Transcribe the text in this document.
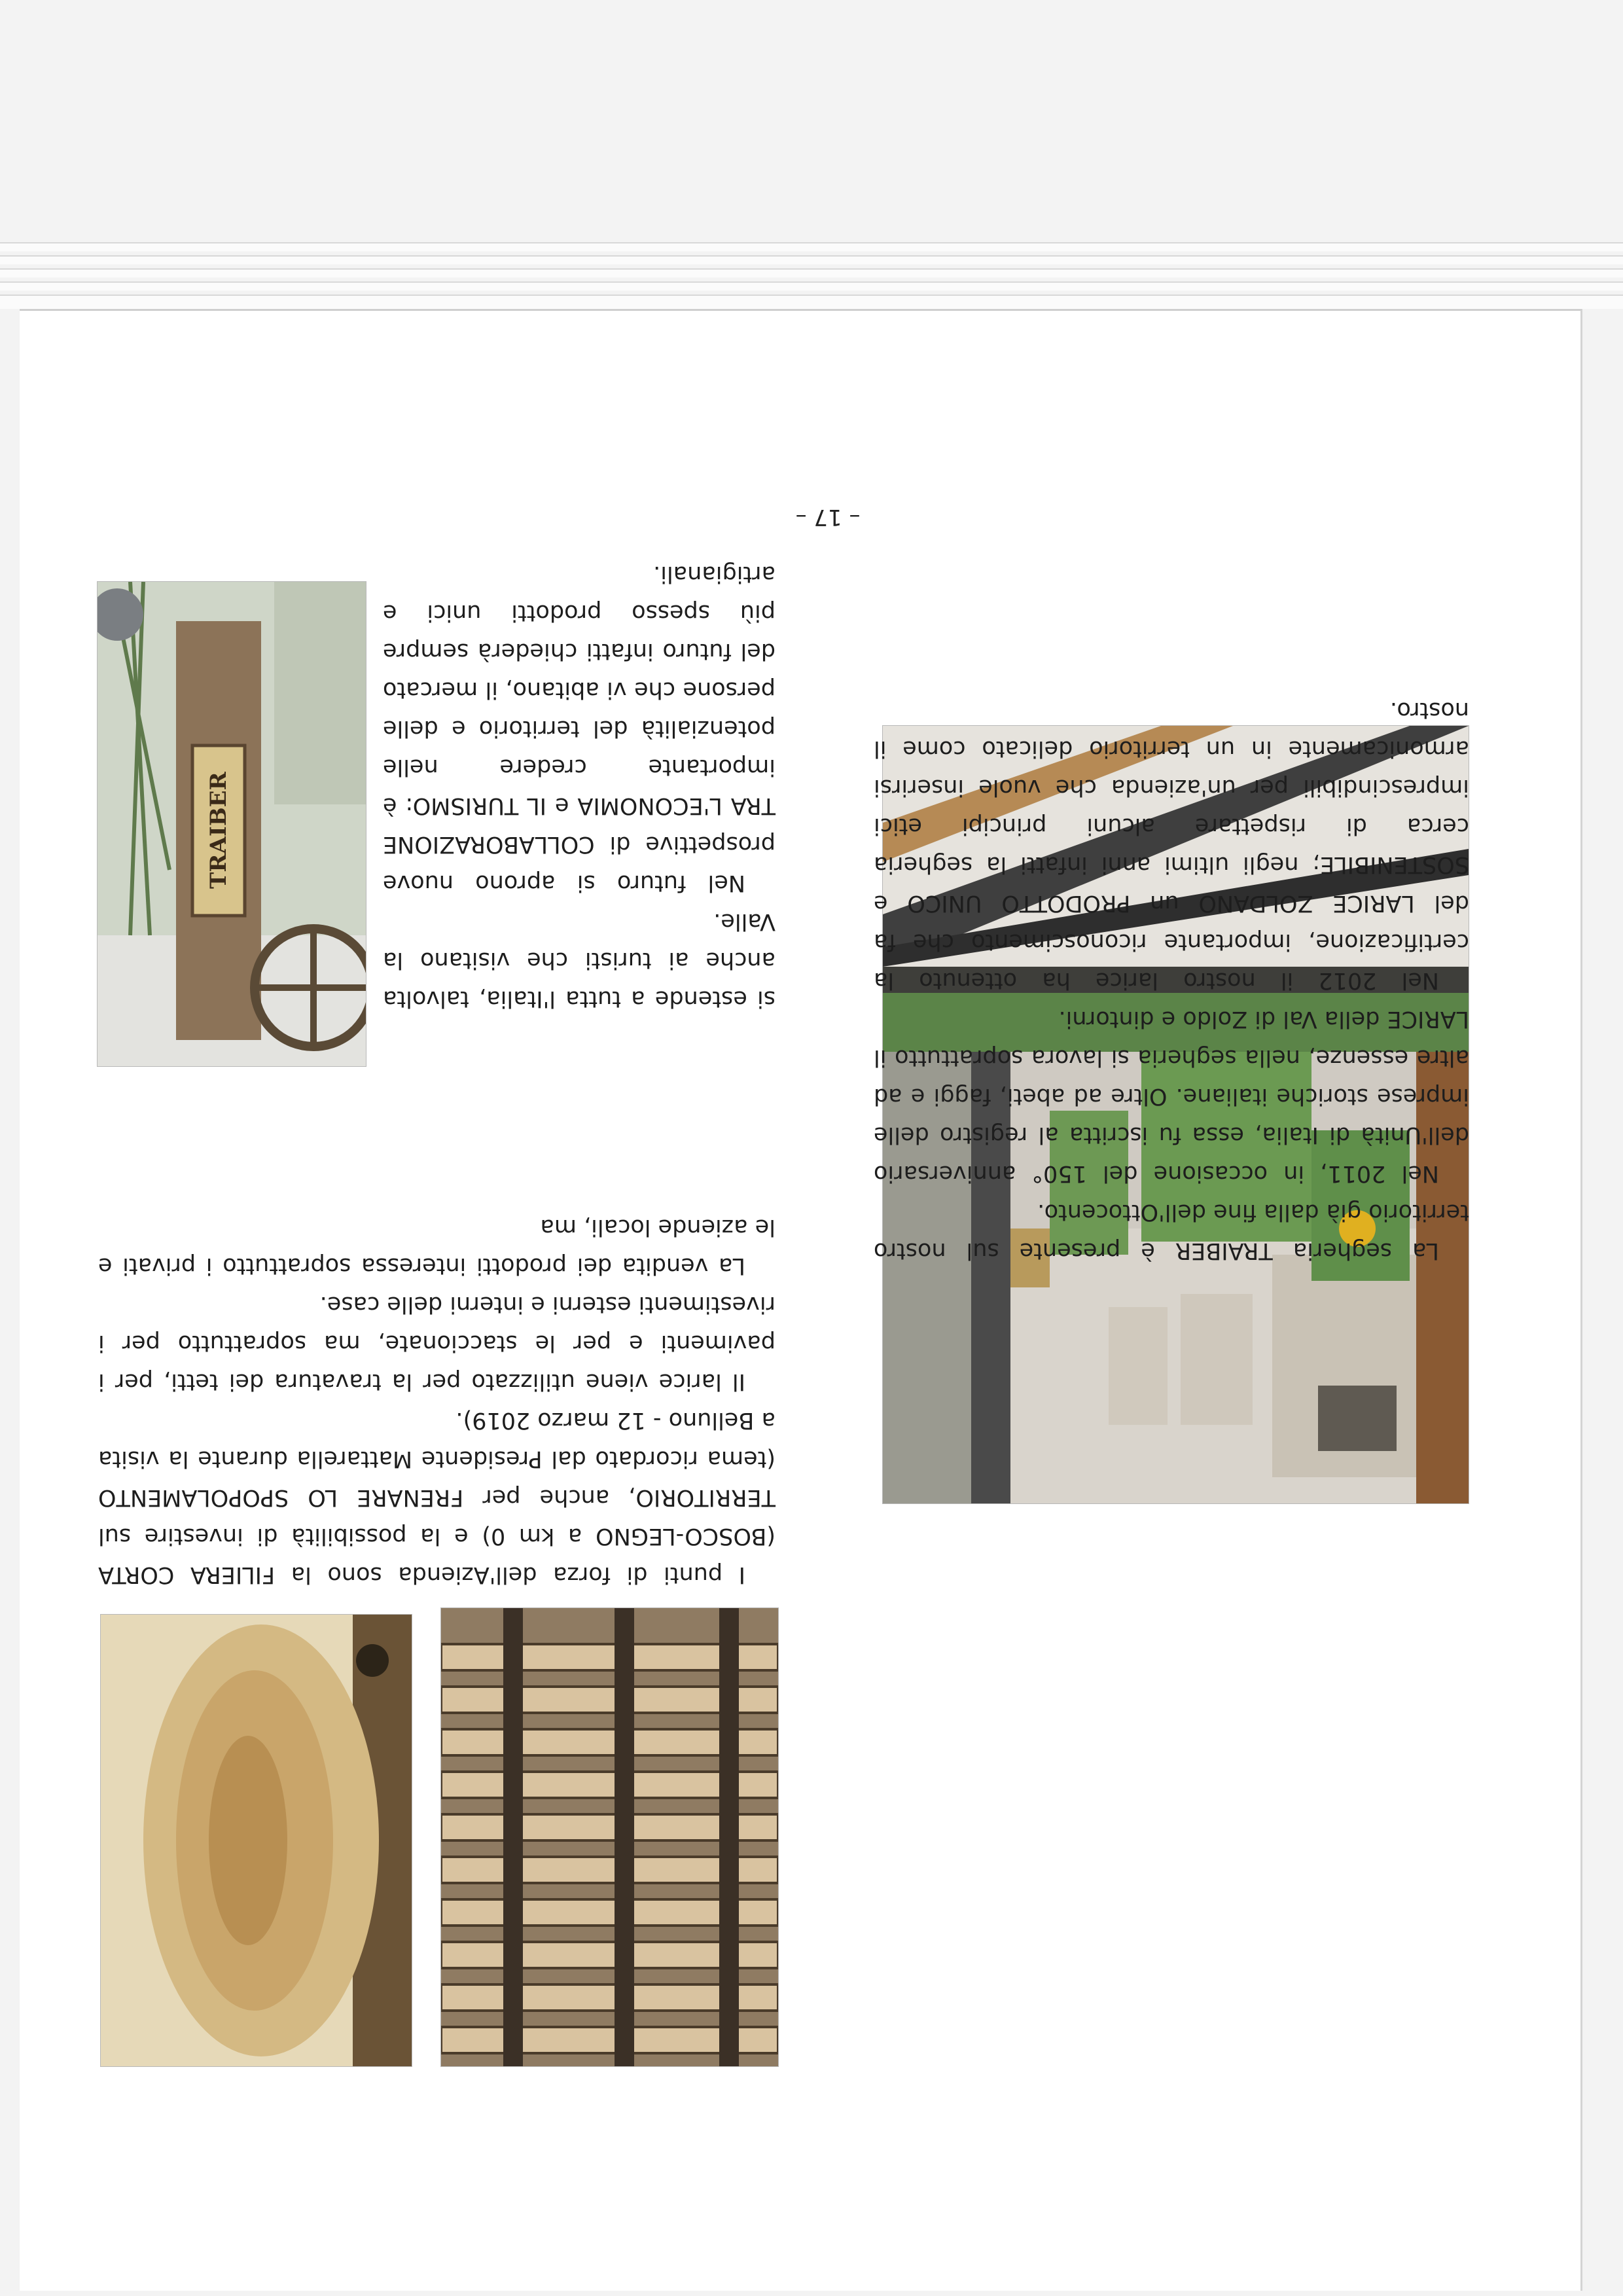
La segheria TRAIBER è presente sul nostro territorio già dalla fine dell'Ottocento.

Nel 2011, in occasione del 150° anniversario dell'Unità di Italia, essa fu iscritta al registro delle imprese storiche italiane. Oltre ad abeti, faggi e ad altre essenze, nella segheria si lavora soprattutto il LARICE della Val di Zoldo e dintorni.

Nel 2012 il nostro larice ha ottenuto la certificazione, importante riconoscimento che fa del LARICE ZOLDANO un PRODOTTO UNICO e SOSTENIBILE; negli ultimi anni infatti la segheria cerca di rispettare alcuni principi etici imprescindibili per un'azienda che vuole inserirsi armonicamente in un territorio delicato come il nostro.

I punti di forza dell'Azienda sono la FILIERA CORTA (BOSCO-LEGNO a km 0) e la possibilità di investire sul TERRITORIO, anche per FRENARE LO SPOPOLAMENTO (tema ricordato dal Presidente Mattarella durante la visita a Belluno - 12 marzo 2019).

Il larice viene utilizzato per la travatura dei tetti, per i pavimenti e per le staccionate, ma soprattutto per i rivestimenti esterni e interni delle case.

La vendita dei prodotti interessa soprattutto i privati e le aziende locali, ma

si estende a tutta l'Italia, talvolta anche ai turisti che visitano la Valle.

Nel futuro si aprono nuove prospettive di COLLABORAZIONE TRA L'ECONOMIA e IL TURISMO: è importante credere nelle potenzialità del territorio e delle persone che vi abitano, il mercato del futuro infatti chiederà sempre più spesso prodotti unici e artigianali.

TRAIBER
– 17 –
